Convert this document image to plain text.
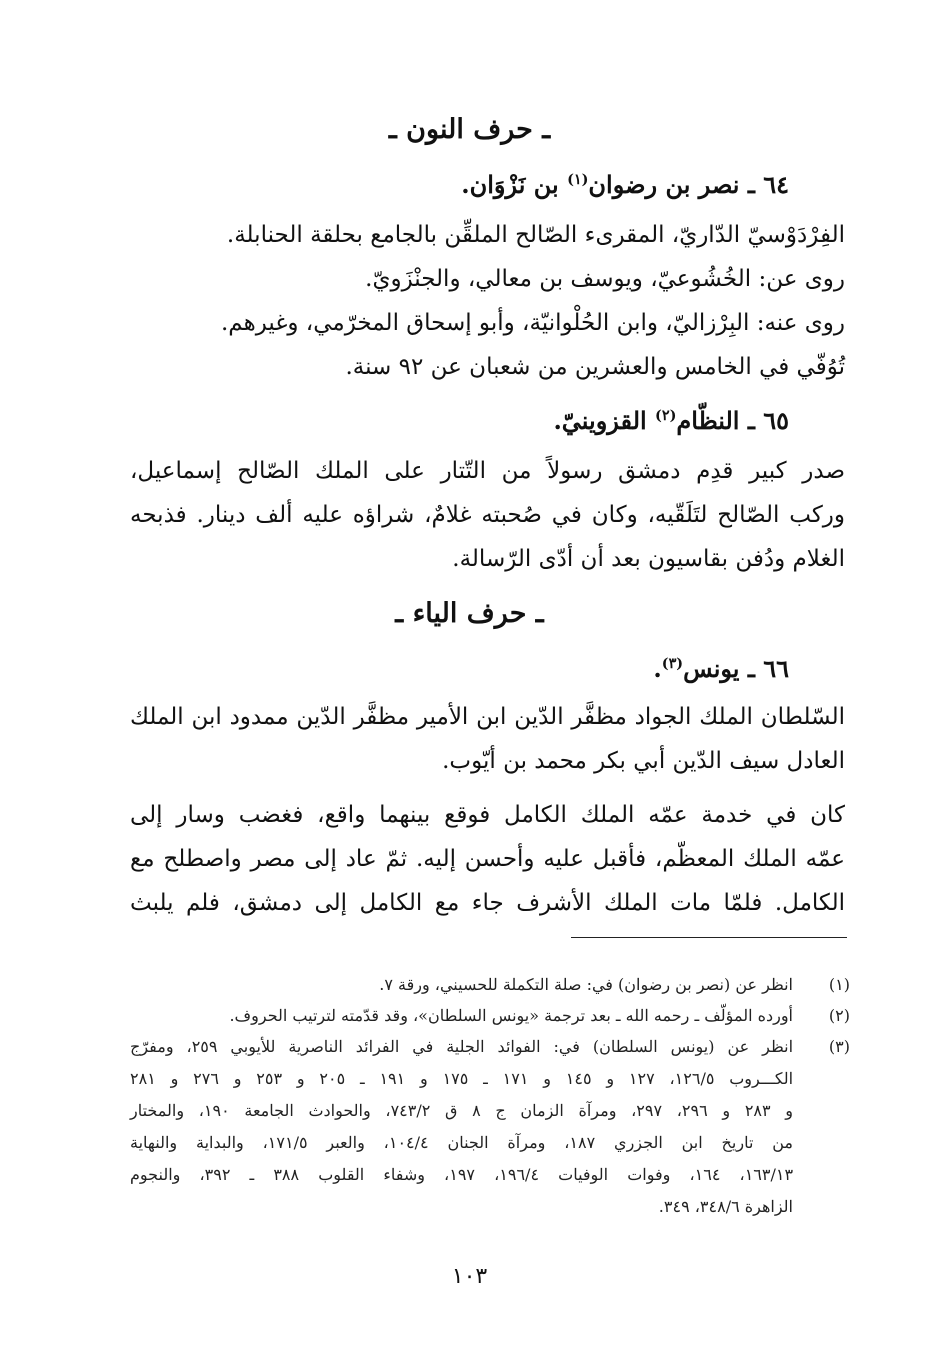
ـ حرف النون ـ
٦٤ ـ نصر بن رضوان$^{(١)}$ بن نَزْوَان.
الفِرْدَوْسيّ الدّاريّ، المقرىء الصّالح الملقِّن بالجامع بحلقة الحنابلة.
روى عن: الخُشُوعيّ، ويوسف بن معالي، والجنْزَويّ.
روى عنه: البِرْزاليّ، وابن الحُلْوانيّة، وأبو إسحاق المخرّمي، وغيرهم.
تُوُفّي في الخامس والعشرين من شعبان عن ٩٢ سنة.
٦٥ ـ النظّام$^{(٢)}$ القزوينيّ.
صدر كبير قدِم دمشق رسولاً من التّتار على الملك الصّالح إسماعيل،
وركب الصّالح لتَلَقّيه، وكان في صُحبته غلامٌ، شراؤه عليه ألف دينار. فذبحه
الغلام ودُفن بقاسيون بعد أن أدّى الرّسالة.
ـ حرف الياء ـ
٦٦ ـ يونس$^{(٣)}$.
السّلطان الملك الجواد مظفَّر الدّين ابن الأمير مظفَّر الدّين ممدود ابن الملك
العادل سيف الدّين أبي بكر محمد بن أيّوب.
كان في خدمة عمّه الملك الكامل فوقع بينهما واقع، فغضب وسار إلى
عمّه الملك المعظّم، فأقبل عليه وأحسن إليه. ثمّ عاد إلى مصر واصطلح مع
الكامل. فلمّا مات الملك الأشرف جاء مع الكامل إلى دمشق، فلم يلبث
(١)
انظر عن (نصر بن رضوان) في: صلة التكملة للحسيني، ورقة ٧.
(٢)
أورده المؤلّف ـ رحمه الله ـ بعد ترجمة «يونس السلطان»، وقد قدّمته لترتيب الحروف.
(٣)
انظر عن (يونس السلطان) في: الفوائد الجلية في الفرائد الناصرية للأيوبي ٢٥٩، ومفرّج
الكـــروب ١٢٦/٥، ١٢٧ و ١٤٥ و ١٧١ ـ ١٧٥ و ١٩١ ـ ٢٠٥ و ٢٥٣ و ٢٧٦ و ٢٨١
و ٢٨٣ و ٢٩٦، ٢٩٧، ومرآة الزمان ج ٨ ق ٧٤٣/٢، والحوادث الجامعة ١٩٠، والمختار
من تاريخ ابن الجزري ١٨٧، ومرآة الجنان ١٠٤/٤، والعبر ١٧١/٥، والبداية والنهاية
١٦٣/١٣، ١٦٤، وفوات الوفيات ١٩٦/٤، ١٩٧، وشفاء القلوب ٣٨٨ ـ ٣٩٢، والنجوم
الزاهرة ٣٤٨/٦، ٣٤٩.
١٠٣
